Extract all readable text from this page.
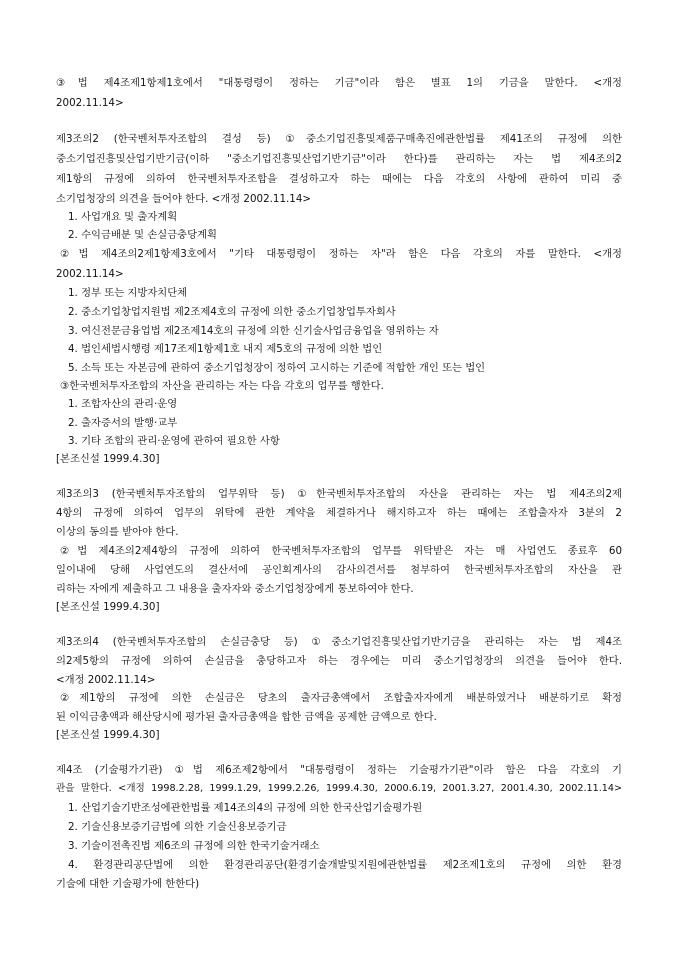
③법 제4조제1항제1호에서 "대통령령이 정하는 기금"이라 함은 별표 1의 기금을 말한다. <개정
2002.11.14>
제3조의2 (한국벤처투자조합의 결성 등) ①중소기업진흥및제품구매촉진에관한법률 제41조의 규정에 의한
중소기업진흥및산업기반기금(이하 "중소기업진흥및산업기반기금"이라 한다)를 관리하는 자는 법 제4조의2
제1항의 규정에 의하여 한국벤처투자조합을 결성하고자 하는 때에는 다음 각호의 사항에 관하여 미리 중
소기업청장의 의견을 들어야 한다. <개정 2002.11.14>
1. 사업개요 및 출자계획
2. 수익금배분 및 손실금충당계획
②법 제4조의2제1항제3호에서 "기타 대통령령이 정하는 자"라 함은 다음 각호의 자를 말한다. <개정
2002.11.14>
1. 정부 또는 지방자치단체
2. 중소기업창업지원법 제2조제4호의 규정에 의한 중소기업창업투자회사
3. 여신전문금융업법 제2조제14호의 규정에 의한 신기술사업금융업을 영위하는 자
4. 법인세법시행령 제17조제1항제1호 내지 제5호의 규정에 의한 법인
5. 소득 또는 자본금에 관하여 중소기업청장이 정하여 고시하는 기준에 적합한 개인 또는 법인
③한국벤처투자조합의 자산을 관리하는 자는 다음 각호의 업무를 행한다.
1. 조합자산의 관리·운영
2. 출자증서의 발행·교부
3. 기타 조합의 관리·운영에 관하여 필요한 사항
[본조신설 1999.4.30]
제3조의3 (한국벤처투자조합의 업무위탁 등) ①한국벤처투자조합의 자산을 관리하는 자는 법 제4조의2제
4항의 규정에 의하여 업무의 위탁에 관한 계약을 체결하거나 해지하고자 하는 때에는 조합출자자 3분의 2
이상의 동의를 받아야 한다.
②법 제4조의2제4항의 규정에 의하여 한국벤처투자조합의 업무를 위탁받은 자는 매 사업연도 종료후 60
일이내에 당해 사업연도의 결산서에 공인회계사의 감사의견서를 첨부하여 한국벤처투자조합의 자산을 관
리하는 자에게 제출하고 그 내용을 출자자와 중소기업청장에게 통보하여야 한다.
[본조신설 1999.4.30]
제3조의4 (한국벤처투자조합의 손실금충당 등) ①중소기업진흥및산업기반기금을 관리하는 자는 법 제4조
의2제5항의 규정에 의하여 손실금을 충당하고자 하는 경우에는 미리 중소기업청장의 의견을 들어야 한다.
<개정 2002.11.14>
②제1항의 규정에 의한 손실금은 당초의 출자금총액에서 조합출자자에게 배분하였거나 배분하기로 확정
된 이익금총액과 해산당시에 평가된 출자금총액을 합한 금액을 공제한 금액으로 한다.
[본조신설 1999.4.30]
제4조 (기술평가기관) ①법 제6조제2항에서 "대통령령이 정하는 기술평가기관"이라 함은 다음 각호의 기
관을 말한다. <개정 1998.2.28, 1999.1.29, 1999.2.26, 1999.4.30, 2000.6.19, 2001.3.27, 2001.4.30, 2002.11.14>
1. 산업기술기반조성에관한법률 제14조의4의 규정에 의한 한국산업기술평가원
2. 기술신용보증기금법에 의한 기술신용보증기금
3. 기술이전촉진법 제6조의 규정에 의한 한국기술거래소
4. 환경관리공단법에 의한 환경관리공단(환경기술개발및지원에관한법률 제2조제1호의 규정에 의한 환경
기술에 대한 기술평가에 한한다)
